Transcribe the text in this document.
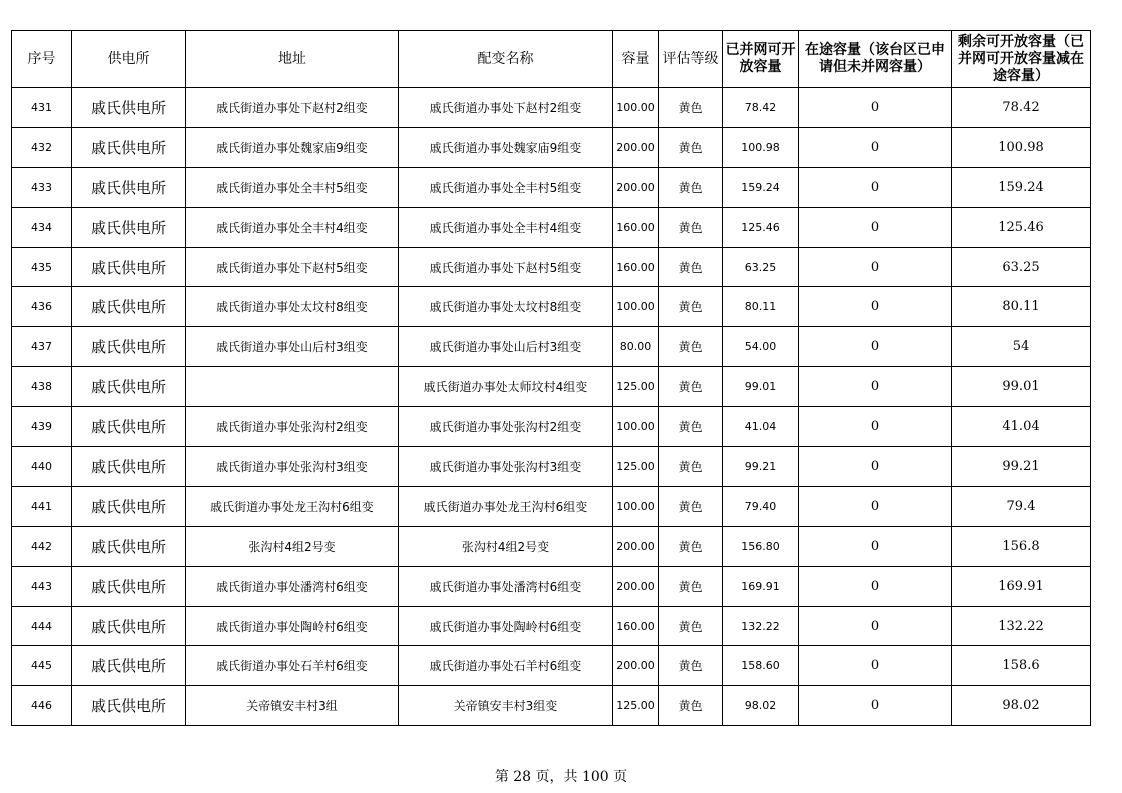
序号	供电所	地址	配变名称	容量	评估等级	已并网可开放容量	在途容量（该台区已申请但未并网容量）	剩余可开放容量（已并网可开放容量减在途容量）
431	戚氏供电所	戚氏街道办事处下赵村2组变	戚氏街道办事处下赵村2组变	100.00	黄色	78.42	0	78.42
432	戚氏供电所	戚氏街道办事处魏家庙9组变	戚氏街道办事处魏家庙9组变	200.00	黄色	100.98	0	100.98
433	戚氏供电所	戚氏街道办事处全丰村5组变	戚氏街道办事处全丰村5组变	200.00	黄色	159.24	0	159.24
434	戚氏供电所	戚氏街道办事处全丰村4组变	戚氏街道办事处全丰村4组变	160.00	黄色	125.46	0	125.46
435	戚氏供电所	戚氏街道办事处下赵村5组变	戚氏街道办事处下赵村5组变	160.00	黄色	63.25	0	63.25
436	戚氏供电所	戚氏街道办事处太坟村8组变	戚氏街道办事处太坟村8组变	100.00	黄色	80.11	0	80.11
437	戚氏供电所	戚氏街道办事处山后村3组变	戚氏街道办事处山后村3组变	80.00	黄色	54.00	0	54
438	戚氏供电所		戚氏街道办事处太师坟村4组变	125.00	黄色	99.01	0	99.01
439	戚氏供电所	戚氏街道办事处张沟村2组变	戚氏街道办事处张沟村2组变	100.00	黄色	41.04	0	41.04
440	戚氏供电所	戚氏街道办事处张沟村3组变	戚氏街道办事处张沟村3组变	125.00	黄色	99.21	0	99.21
441	戚氏供电所	戚氏街道办事处龙王沟村6组变	戚氏街道办事处龙王沟村6组变	100.00	黄色	79.40	0	79.4
442	戚氏供电所	张沟村4组2号变	张沟村4组2号变	200.00	黄色	156.80	0	156.8
443	戚氏供电所	戚氏街道办事处潘湾村6组变	戚氏街道办事处潘湾村6组变	200.00	黄色	169.91	0	169.91
444	戚氏供电所	戚氏街道办事处陶岭村6组变	戚氏街道办事处陶岭村6组变	160.00	黄色	132.22	0	132.22
445	戚氏供电所	戚氏街道办事处石羊村6组变	戚氏街道办事处石羊村6组变	200.00	黄色	158.60	0	158.6
446	戚氏供电所	关帝镇安丰村3组	关帝镇安丰村3组变	125.00	黄色	98.02	0	98.02
第 28 页，共 100 页
